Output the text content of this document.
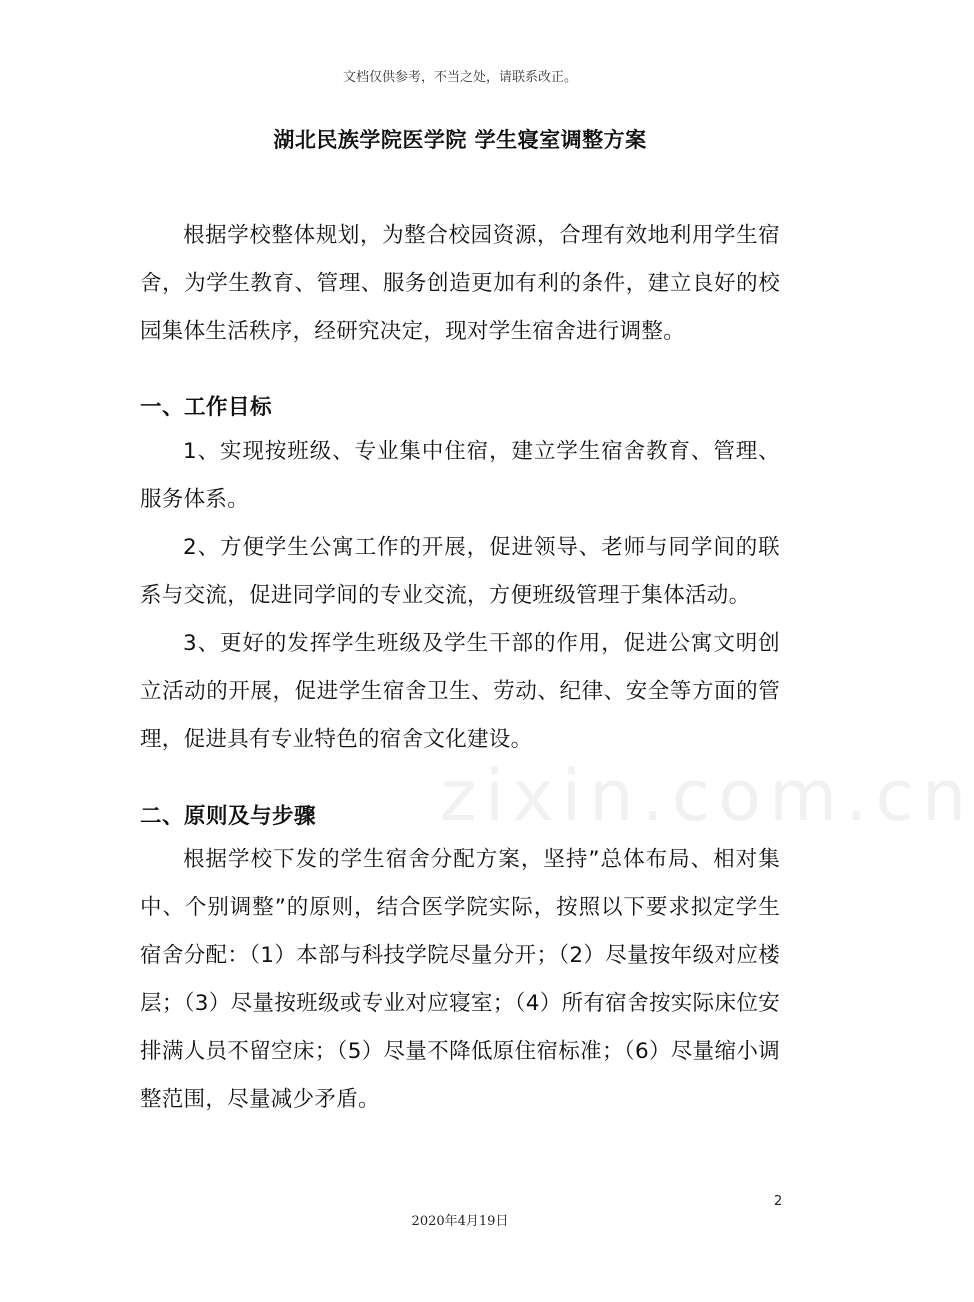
文档仅供参考，不当之处，请联系改正。
湖北民族学院医学院 学生寝室调整方案
根据学校整体规划，为整合校园资源，合理有效地利用学生宿舍，为学生教育、管理、服务创造更加有利的条件，建立良好的校园集体生活秩序，经研究决定，现对学生宿舍进行调整。
一、工作目标
1、实现按班级、专业集中住宿，建立学生宿舍教育、管理、服务体系。
2、方便学生公寓工作的开展，促进领导、老师与同学间的联系与交流，促进同学间的专业交流，方便班级管理于集体活动。
3、更好的发挥学生班级及学生干部的作用，促进公寓文明创立活动的开展，促进学生宿舍卫生、劳动、纪律、安全等方面的管理，促进具有专业特色的宿舍文化建设。
二、原则及与步骤
根据学校下发的学生宿舍分配方案，坚持”总体布局、相对集中、个别调整”的原则，结合医学院实际，按照以下要求拟定学生宿舍分配：（1）本部与科技学院尽量分开；（2）尽量按年级对应楼层；（3）尽量按班级或专业对应寝室；（4）所有宿舍按实际床位安排满人员不留空床；（5）尽量不降低原住宿标准；（6）尽量缩小调整范围，尽量减少矛盾。
zixin.com.cn
2
2020年4月19日
